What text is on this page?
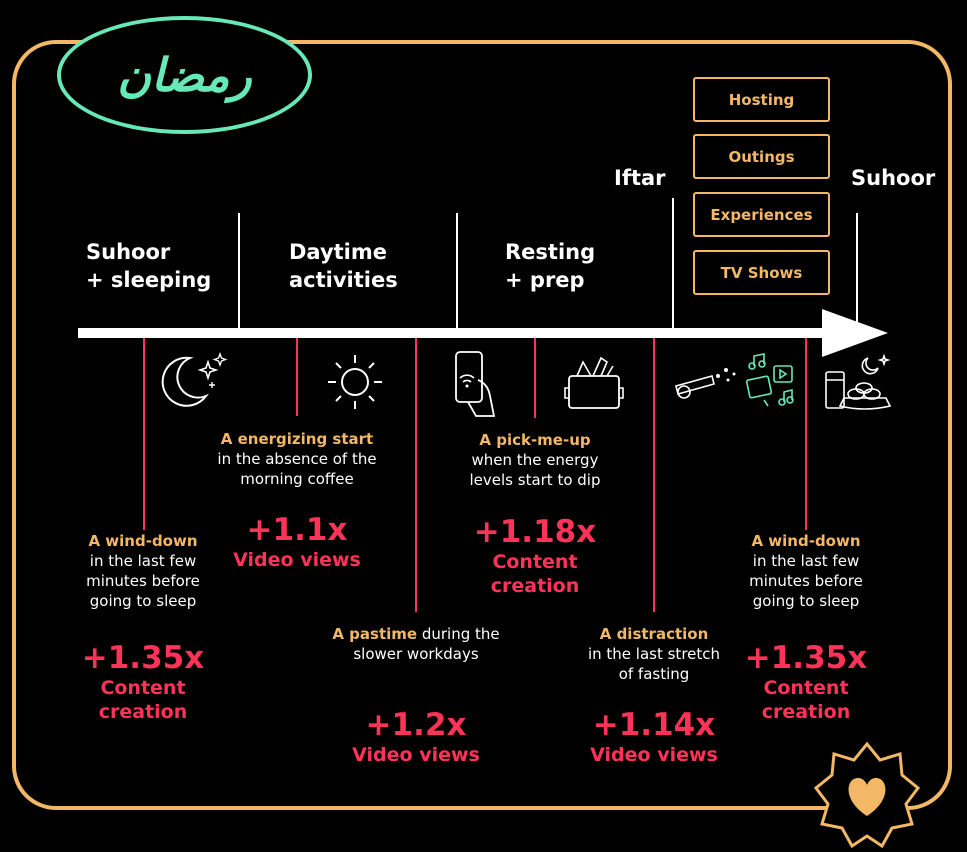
رمضان
Suhoor
+ sleeping
Daytime
activities
Resting
+ prep
Iftar	Suhoor
Hosting
Outings
Experiences
TV Shows
A wind-down
in the last few minutes before going to sleep
+1.35x
Content creation
A energizing start
in the absence of the morning coffee
+1.1x
Video views
A pastime during the slower workdays
+1.2x
Video views
A pick-me-up
when the energy levels start to dip
+1.18x
Content creation
A distraction in the last stretch of fasting
+1.14x
Video views
A wind-down
in the last few minutes before going to sleep
+1.35x
Content creation
